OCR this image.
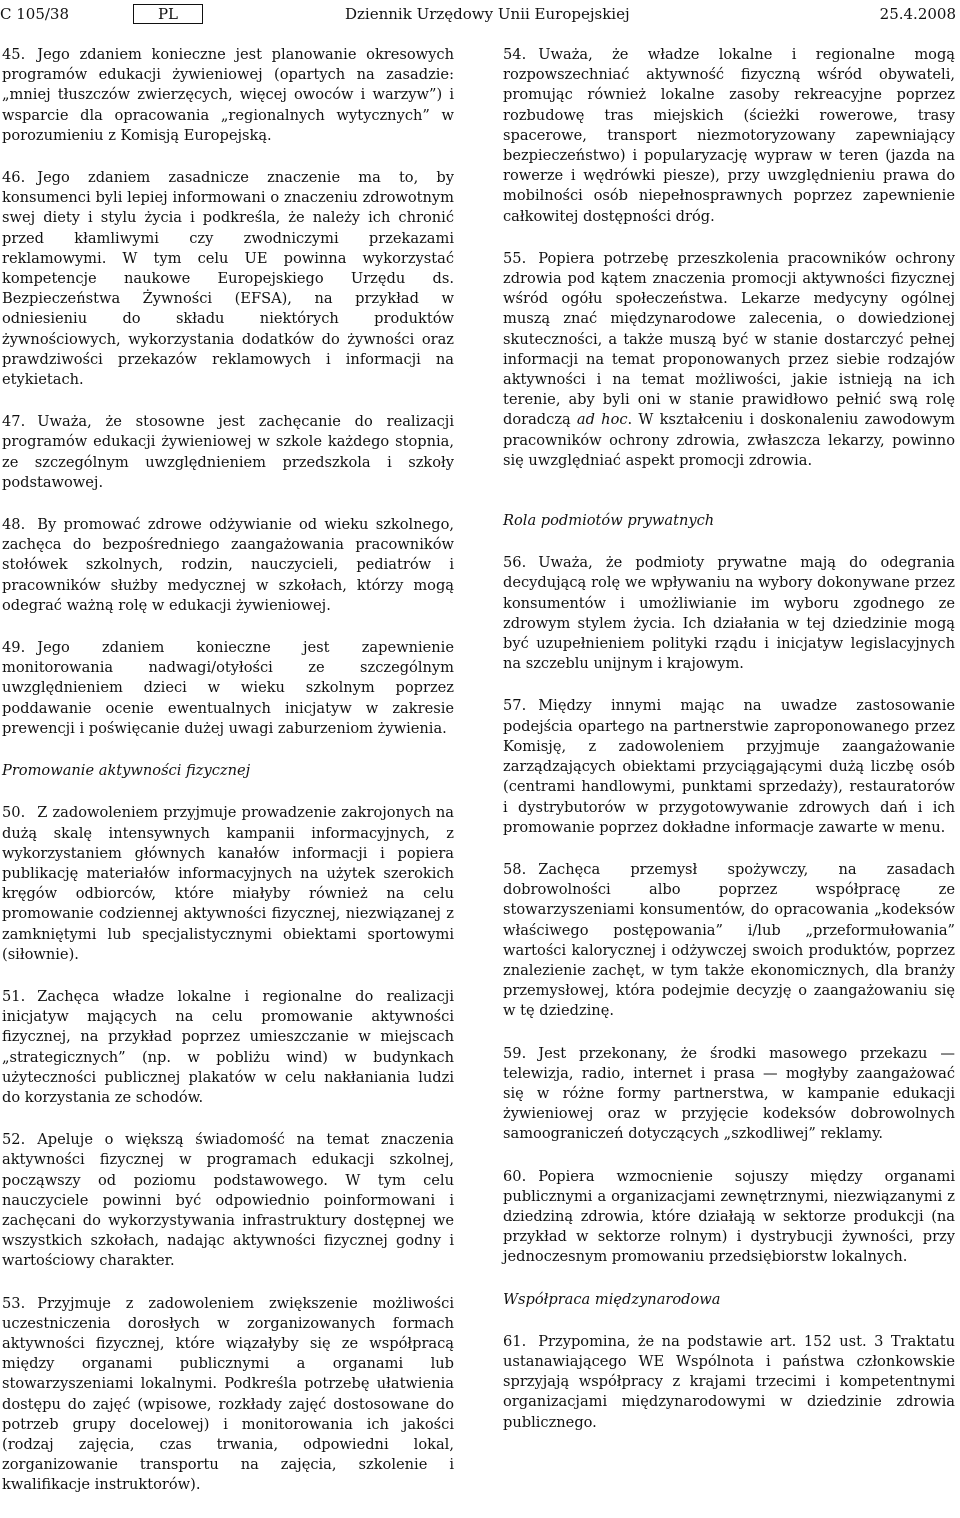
C 105/38	PL	Dziennik Urzędowy Unii Europejskiej	25.4.2008

45. Jego zdaniem konieczne jest planowanie okresowych programów edukacji żywieniowej (opartych na zasadzie: „mniej tłuszczów zwierzęcych, więcej owoców i warzyw”) i wsparcie dla opracowania „regionalnych wytycznych” w porozumieniu z Komisją Europejską.

46. Jego zdaniem zasadnicze znaczenie ma to, by konsumenci byli lepiej informowani o znaczeniu zdrowotnym swej diety i stylu życia i podkreśla, że należy ich chronić przed kłamliwymi czy zwodniczymi przekazami reklamowymi. W tym celu UE powinna wykorzystać kompetencje naukowe Europejskiego Urzędu ds. Bezpieczeństwa Żywności (EFSA), na przykład w odniesieniu do składu niektórych produktów żywnościowych, wykorzystania dodatków do żywności oraz prawdziwości przekazów reklamowych i informacji na etykietach.

47. Uważa, że stosowne jest zachęcanie do realizacji programów edukacji żywieniowej w szkole każdego stopnia, ze szczególnym uwzględnieniem przedszkola i szkoły podstawowej.

48. By promować zdrowe odżywianie od wieku szkolnego, zachęca do bezpośredniego zaangażowania pracowników stołówek szkolnych, rodzin, nauczycieli, pediatrów i pracowników służby medycznej w szkołach, którzy mogą odegrać ważną rolę w edukacji żywieniowej.

49. Jego zdaniem konieczne jest zapewnienie monitorowania nadwagi/otyłości ze szczególnym uwzględnieniem dzieci w wieku szkolnym poprzez poddawanie ocenie ewentualnych inicjatyw w zakresie prewencji i poświęcanie dużej uwagi zaburzeniom żywienia.

Promowanie aktywności fizycznej

50. Z zadowoleniem przyjmuje prowadzenie zakrojonych na dużą skalę intensywnych kampanii informacyjnych, z wykorzystaniem głównych kanałów informacji i popiera publikację materiałów informacyjnych na użytek szerokich kręgów odbiorców, które miałyby również na celu promowanie codziennej aktywności fizycznej, niezwiązanej z zamkniętymi lub specjalistycznymi obiektami sportowymi (siłownie).

51. Zachęca władze lokalne i regionalne do realizacji inicjatyw mających na celu promowanie aktywności fizycznej, na przykład poprzez umieszczanie w miejscach „strategicznych” (np. w pobliżu wind) w budynkach użyteczności publicznej plakatów w celu nakłaniania ludzi do korzystania ze schodów.

52. Apeluje o większą świadomość na temat znaczenia aktywności fizycznej w programach edukacji szkolnej, począwszy od poziomu podstawowego. W tym celu nauczyciele powinni być odpowiednio poinformowani i zachęcani do wykorzystywania infrastruktury dostępnej we wszystkich szkołach, nadając aktywności fizycznej godny i wartościowy charakter.

53. Przyjmuje z zadowoleniem zwiększenie możliwości uczestniczenia dorosłych w zorganizowanych formach aktywności fizycznej, które wiązałyby się ze współpracą między organami publicznymi a organami lub stowarzyszeniami lokalnymi. Podkreśla potrzebę ułatwienia dostępu do zajęć (wpisowe, rozkłady zajęć dostosowane do potrzeb grupy docelowej) i monitorowania ich jakości (rodzaj zajęcia, czas trwania, odpowiedni lokal, zorganizowanie transportu na zajęcia, szkolenie i kwalifikacje instruktorów).

54. Uważa, że władze lokalne i regionalne mogą rozpowszechniać aktywność fizyczną wśród obywateli, promując również lokalne zasoby rekreacyjne poprzez rozbudowę tras miejskich (ścieżki rowerowe, trasy spacerowe, transport niezmotoryzowany zapewniający bezpieczeństwo) i popularyzację wypraw w teren (jazda na rowerze i wędrówki piesze), przy uwzględnieniu prawa do mobilności osób niepełnosprawnych poprzez zapewnienie całkowitej dostępności dróg.

55. Popiera potrzebę przeszkolenia pracowników ochrony zdrowia pod kątem znaczenia promocji aktywności fizycznej wśród ogółu społeczeństwa. Lekarze medycyny ogólnej muszą znać międzynarodowe zalecenia, o dowiedzionej skuteczności, a także muszą być w stanie dostarczyć pełnej informacji na temat proponowanych przez siebie rodzajów aktywności i na temat możliwości, jakie istnieją na ich terenie, aby byli oni w stanie prawidłowo pełnić swą rolę doradczą ad hoc. W kształceniu i doskonaleniu zawodowym pracowników ochrony zdrowia, zwłaszcza lekarzy, powinno się uwzględniać aspekt promocji zdrowia.

Rola podmiotów prywatnych

56. Uważa, że podmioty prywatne mają do odegrania decydującą rolę we wpływaniu na wybory dokonywane przez konsumentów i umożliwianie im wyboru zgodnego ze zdrowym stylem życia. Ich działania w tej dziedzinie mogą być uzupełnieniem polityki rządu i inicjatyw legislacyjnych na szczeblu unijnym i krajowym.

57. Między innymi mając na uwadze zastosowanie podejścia opartego na partnerstwie zaproponowanego przez Komisję, z zadowoleniem przyjmuje zaangażowanie zarządzających obiektami przyciągającymi dużą liczbę osób (centrami handlowymi, punktami sprzedaży), restauratorów i dystrybutorów w przygotowywanie zdrowych dań i ich promowanie poprzez dokładne informacje zawarte w menu.

58. Zachęca przemysł spożywczy, na zasadach dobrowolności albo poprzez współpracę ze stowarzyszeniami konsumentów, do opracowania „kodeksów właściwego postępowania” i/lub „przeformułowania” wartości kalorycznej i odżywczej swoich produktów, poprzez znalezienie zachęt, w tym także ekonomicznych, dla branży przemysłowej, która podejmie decyzję o zaangażowaniu się w tę dziedzinę.

59. Jest przekonany, że środki masowego przekazu — telewizja, radio, internet i prasa — mogłyby zaangażować się w różne formy partnerstwa, w kampanie edukacji żywieniowej oraz w przyjęcie kodeksów dobrowolnych samoograniczeń dotyczących „szkodliwej” reklamy.

60. Popiera wzmocnienie sojuszy między organami publicznymi a organizacjami zewnętrznymi, niezwiązanymi z dziedziną zdrowia, które działają w sektorze produkcji (na przykład w sektorze rolnym) i dystrybucji żywności, przy jednoczesnym promowaniu przedsiębiorstw lokalnych.

Współpraca międzynarodowa

61. Przypomina, że na podstawie art. 152 ust. 3 Traktatu ustanawiającego WE Wspólnota i państwa członkowskie sprzyjają współpracy z krajami trzecimi i kompetentnymi organizacjami międzynarodowymi w dziedzinie zdrowia publicznego.
